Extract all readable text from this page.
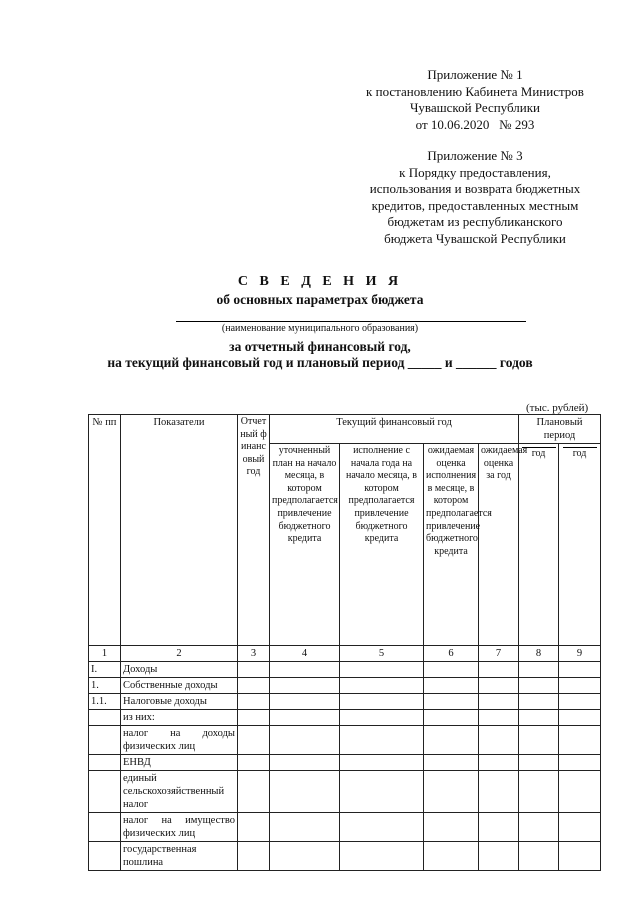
Приложение № 1
к постановлению Кабинета Министров
Чувашской Республики
от 10.06.2020   № 293
Приложение № 3
к Порядку предоставления,
использования и возврата бюджетных
кредитов, предоставленных местным
бюджетам из республиканского
бюджета Чувашской Республики
С В Е Д Е Н И Я
об основных параметрах бюджета
(наименование муниципального образования)
за отчетный финансовый год,
на текущий финансовый год и плановый период _____ и ______ годов
(тыс. рублей)
№ пп	Показатели	Отчетный финансовый год	Текущий финансовый год				Плановый период	
			уточненный план на начало месяца, в котором предполагается привлечение бюджетного кредита	исполнение с начала года на начало месяца, в котором предполагается привлечение бюджетного кредита	ожидаемая оценка исполнения в месяце, в котором предполагается привлечение бюджетного кредита	ожидаемая оценка за год	год	год
1	2	3	4	5	6	7	8	9
I.	Доходы							
1.	Собственные доходы							
1.1.	Налоговые доходы							
	из них:							
	налог на доходы физических лиц							
	ЕНВД							
	единый сельскохозяйственный налог							
	налог на имущество физических лиц							
	государственная пошлина							
